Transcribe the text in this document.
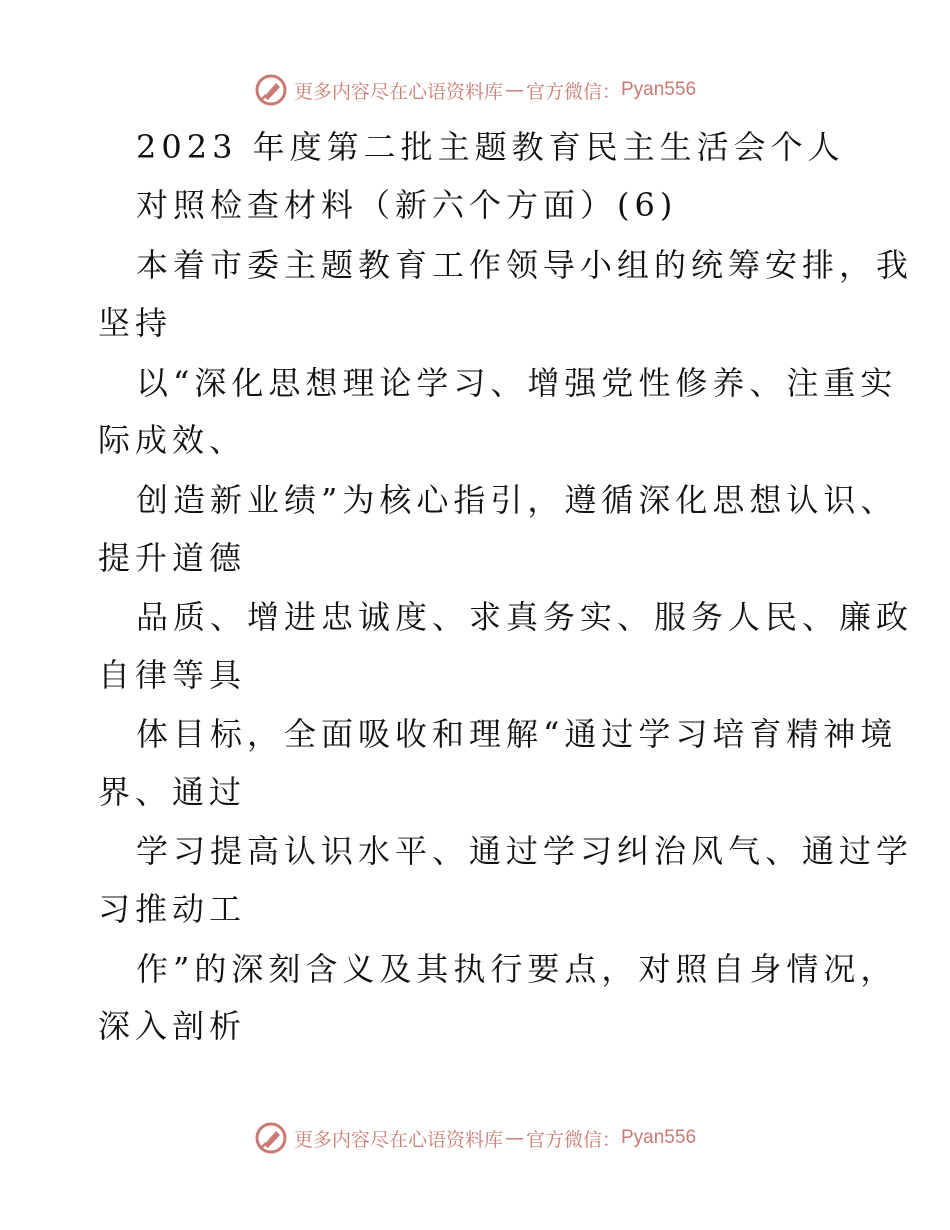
更多内容尽在心语资料库 — 官方微信： Pyan556
2023 年度第二批主题教育民主生活会个人
对照检查材料（新六个方面）(6)
本着市委主题教育工作领导小组的统筹安排，我
坚持
以“深化思想理论学习、增强党性修养、注重实
际成效、
创造新业绩”为核心指引，遵循深化思想认识、
提升道德
品质、增进忠诚度、求真务实、服务人民、廉政
自律等具
体目标，全面吸收和理解“通过学习培育精神境
界、通过
学习提高认识水平、通过学习纠治风气、通过学
习推动工
作”的深刻含义及其执行要点，对照自身情况，
深入剖析
更多内容尽在心语资料库 — 官方微信： Pyan556
